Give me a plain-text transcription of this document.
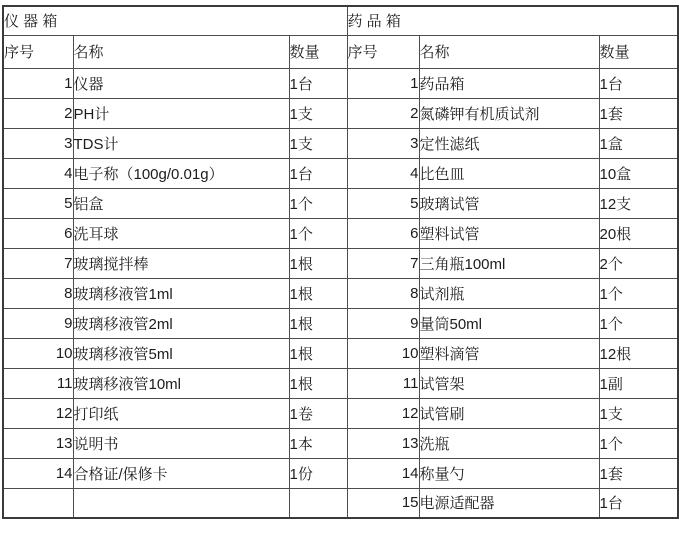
仪 器 箱			药 品 箱		
序号	名称	数量	序号	名称	数量
1	仪器	1台	1	药品箱	1台
2	PH计	1支	2	氮磷钾有机质试剂	1套
3	TDS计	1支	3	定性滤纸	1盒
4	电子称（100g/0.01g）	1台	4	比色皿	10盒
5	铝盒	1个	5	玻璃试管	12支
6	洗耳球	1个	6	塑料试管	20根
7	玻璃搅拌棒	1根	7	三角瓶100ml	2个
8	玻璃移液管1ml	1根	8	试剂瓶	1个
9	玻璃移液管2ml	1根	9	量筒50ml	1个
10	玻璃移液管5ml	1根	10	塑料滴管	12根
11	玻璃移液管10ml	1根	11	试管架	1副
12	打印纸	1卷	12	试管刷	1支
13	说明书	1本	13	洗瓶	1个
14	合格证/保修卡	1份	14	称量勺	1套
			15	电源适配器	1台
